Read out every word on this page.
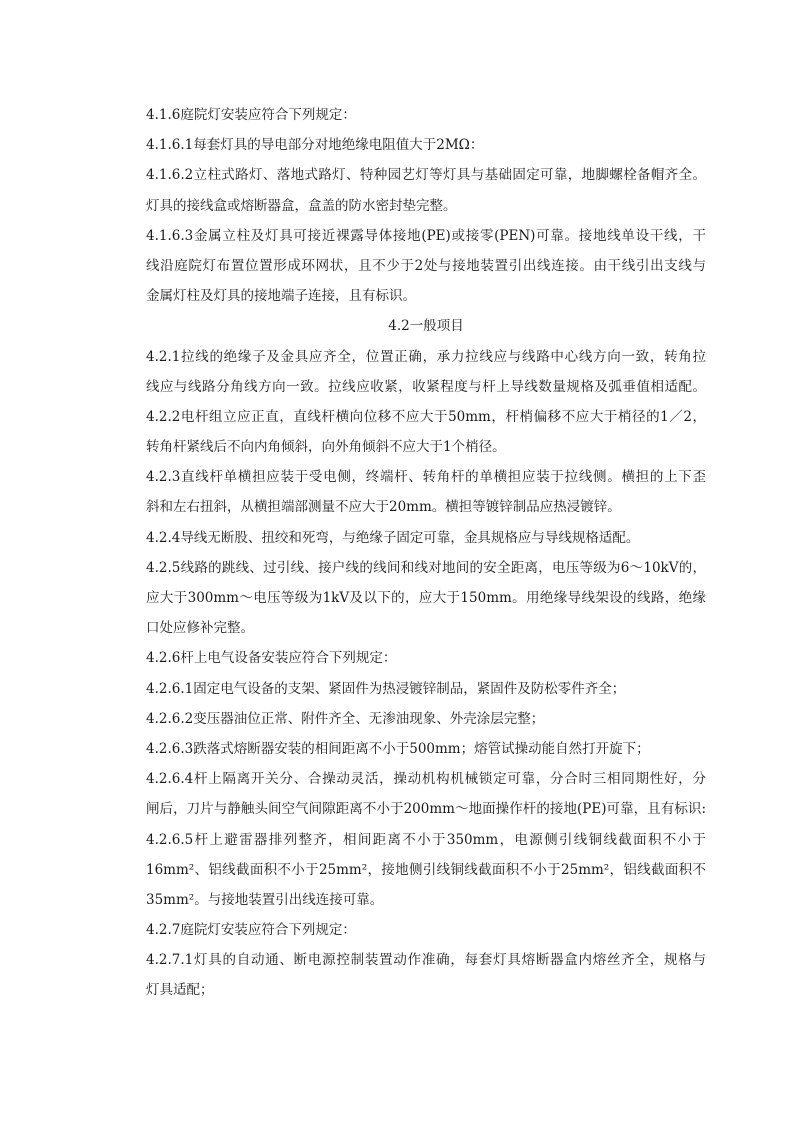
4.1.6庭院灯安装应符合下列规定：
4.1.6.1每套灯具的导电部分对地绝缘电阻值大于2MΩ：
4.1.6.2立柱式路灯、落地式路灯、特种园艺灯等灯具与基础固定可靠，地脚螺栓备帽齐全。
灯具的接线盒或熔断器盒，盒盖的防水密封垫完整。
4.1.6.3金属立柱及灯具可接近裸露导体接地(PE)或接零(PEN)可靠。接地线单设干线，干
线沿庭院灯布置位置形成环网状，且不少于2处与接地装置引出线连接。由干线引出支线与
金属灯柱及灯具的接地端子连接，且有标识。
4.2一般项目
4.2.1拉线的绝缘子及金具应齐全，位置正确，承力拉线应与线路中心线方向一致，转角拉
线应与线路分角线方向一致。拉线应收紧，收紧程度与杆上导线数量规格及弧垂值相适配。
4.2.2电杆组立应正直，直线杆横向位移不应大于50mm，杆梢偏移不应大于梢径的1／2，
转角杆紧线后不向内角倾斜，向外角倾斜不应大于1个梢径。
4.2.3直线杆单横担应装于受电侧，终端杆、转角杆的单横担应装于拉线侧。横担的上下歪
斜和左右扭斜，从横担端部测量不应大于20mm。横担等镀锌制品应热浸镀锌。
4.2.4导线无断股、扭绞和死弯，与绝缘子固定可靠，金具规格应与导线规格适配。
4.2.5线路的跳线、过引线、接户线的线间和线对地间的安全距离，电压等级为6～10kV的，
应大于300mm～电压等级为1kV及以下的，应大于150mm。用绝缘导线架设的线路，绝缘
口处应修补完整。
4.2.6杆上电气设备安装应符合下列规定：
4.2.6.1固定电气设备的支架、紧固件为热浸镀锌制品，紧固件及防松零件齐全；
4.2.6.2变压器油位正常、附件齐全、无渗油现象、外壳涂层完整；
4.2.6.3跌落式熔断器安装的相间距离不小于500mm；熔管试操动能自然打开旋下；
4.2.6.4杆上隔离开关分、合操动灵活，操动机构机械锁定可靠，分合时三相同期性好，分
闸后，刀片与静触头间空气间隙距离不小于200mm～地面操作杆的接地(PE)可靠，且有标识:
4.2.6.5杆上避雷器排列整齐，相间距离不小于350mm，电源侧引线铜线截面积不小于
16mm²、铝线截面积不小于25mm²，接地侧引线铜线截面积不小于25mm²，铝线截面积不
35mm²。与接地装置引出线连接可靠。
4.2.7庭院灯安装应符合下列规定：
4.2.7.1灯具的自动通、断电源控制装置动作准确，每套灯具熔断器盒内熔丝齐全，规格与
灯具适配；
